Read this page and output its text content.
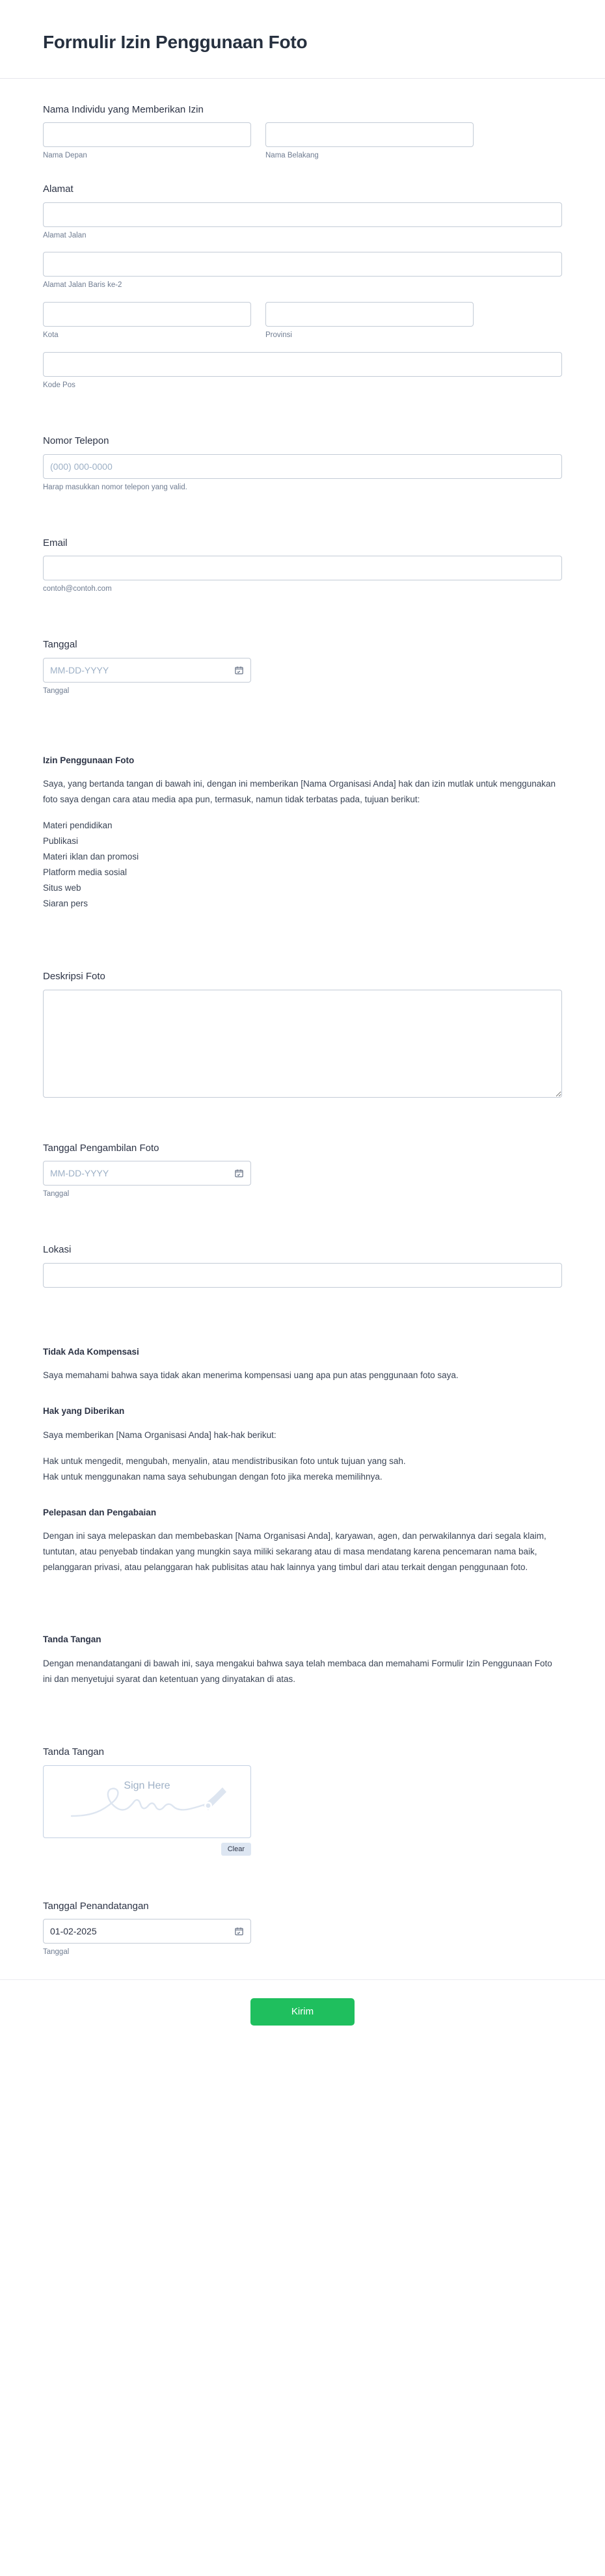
Formulir Izin Penggunaan Foto
Nama Individu yang Memberikan Izin
Nama Depan	Nama Belakang
Alamat
Alamat Jalan
Alamat Jalan Baris ke-2
Kota	Provinsi
Kode Pos
Nomor Telepon
(000) 000-0000
Harap masukkan nomor telepon yang valid.
Email
contoh@contoh.com
Tanggal
MM-DD-YYYY
Tanggal
Izin Penggunaan Foto

Saya, yang bertanda tangan di bawah ini, dengan ini memberikan [Nama Organisasi Anda] hak dan izin mutlak untuk menggunakan foto saya dengan cara atau media apa pun, termasuk, namun tidak terbatas pada, tujuan berikut:

Materi pendidikan
Publikasi
Materi iklan dan promosi
Platform media sosial
Situs web
Siaran pers
Deskripsi Foto
Tanggal Pengambilan Foto
MM-DD-YYYY
Tanggal
Lokasi
Tidak Ada Kompensasi

Saya memahami bahwa saya tidak akan menerima kompensasi uang apa pun atas penggunaan foto saya.

Hak yang Diberikan

Saya memberikan [Nama Organisasi Anda] hak-hak berikut:

Hak untuk mengedit, mengubah, menyalin, atau mendistribusikan foto untuk tujuan yang sah.
Hak untuk menggunakan nama saya sehubungan dengan foto jika mereka memilihnya.
Pelepasan dan Pengabaian

Dengan ini saya melepaskan dan membebaskan [Nama Organisasi Anda], karyawan, agen, dan perwakilannya dari segala klaim, tuntutan, atau penyebab tindakan yang mungkin saya miliki sekarang atau di masa mendatang karena pencemaran nama baik, pelanggaran privasi, atau pelanggaran hak publisitas atau hak lainnya yang timbul dari atau terkait dengan penggunaan foto.

Tanda Tangan

Dengan menandatangani di bawah ini, saya mengakui bahwa saya telah membaca dan memahami Formulir Izin Penggunaan Foto ini dan menyetujui syarat dan ketentuan yang dinyatakan di atas.

Tanda Tangan
Sign Here
Clear
Tanggal Penandatangan
01-02-2025
Tanggal
Kirim
